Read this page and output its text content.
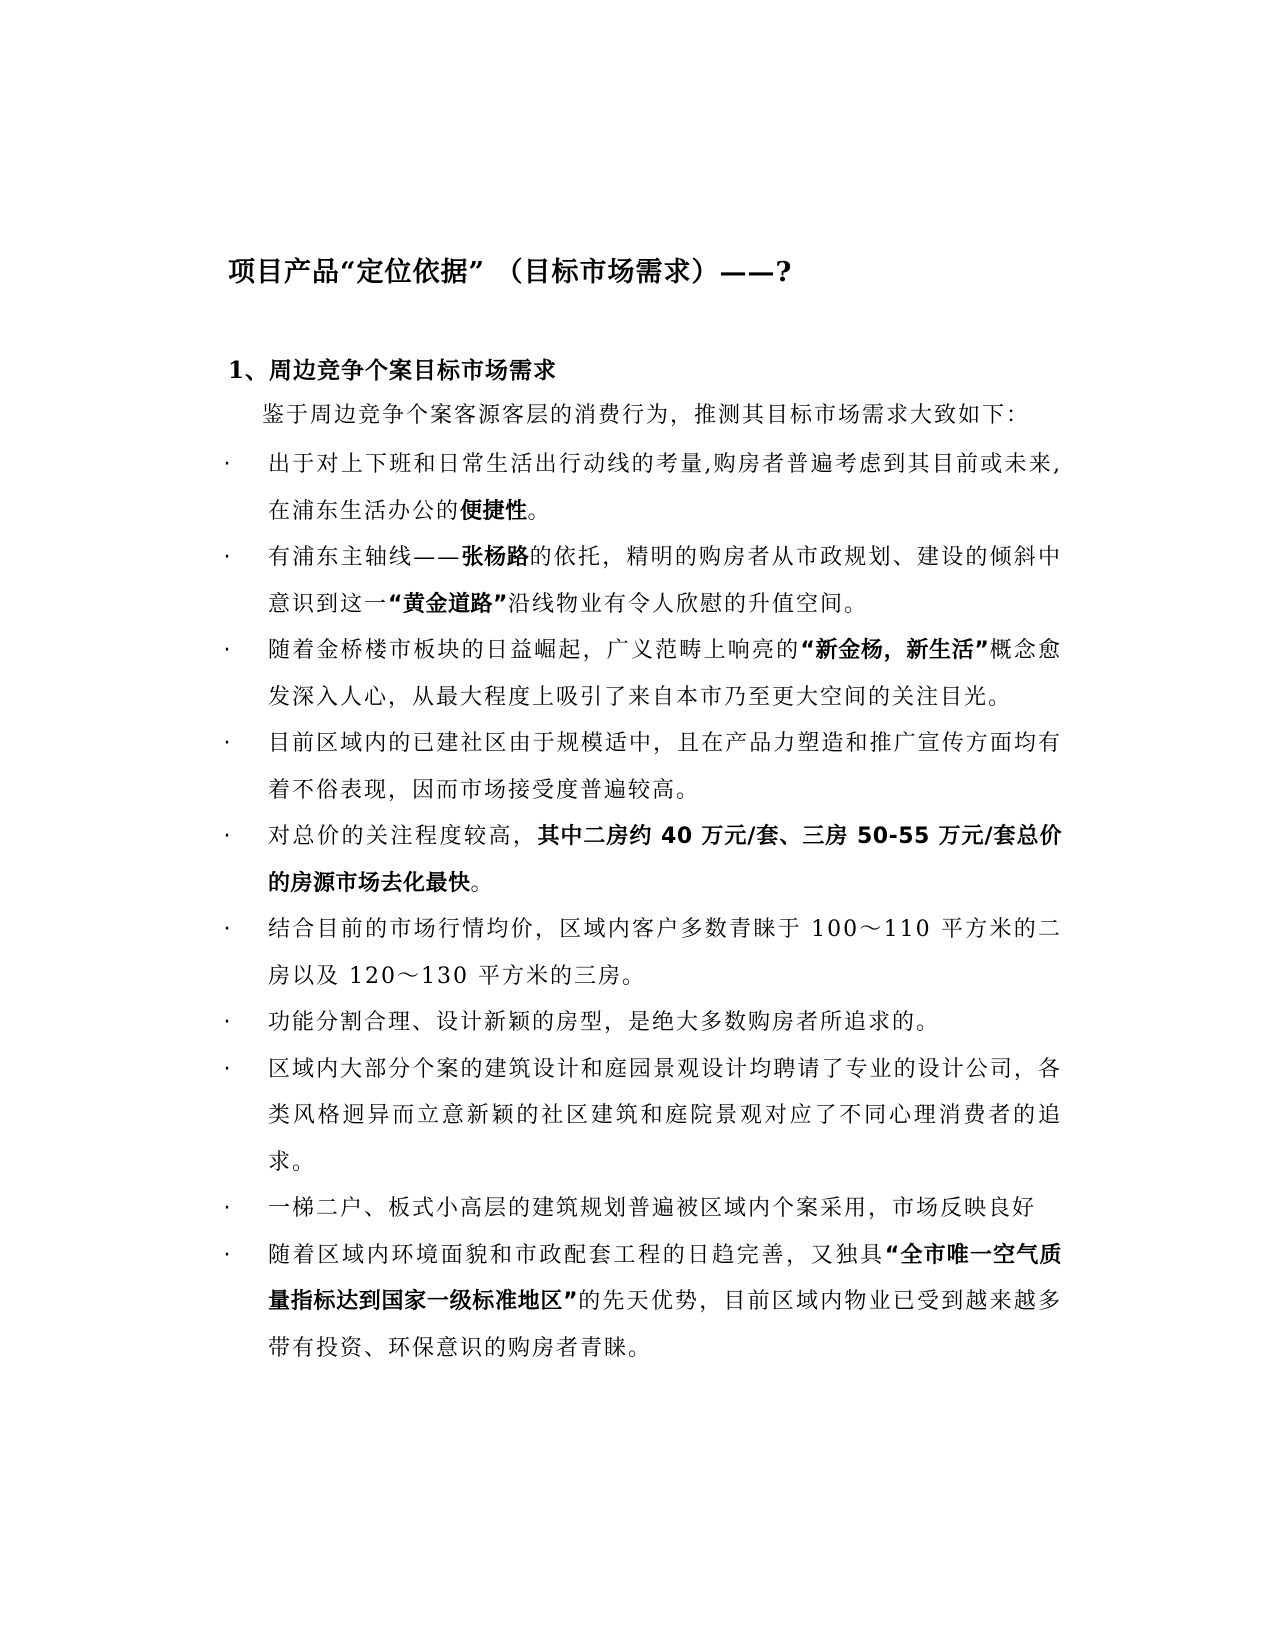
项目产品“定位依据” （目标市场需求）——?
1、周边竞争个案目标市场需求

鉴于周边竞争个案客源客层的消费行为，推测其目标市场需求大致如下：

· 出于对上下班和日常生活出行动线的考量,购房者普遍考虑到其目前或未来,在浦东生活办公的便捷性。
· 有浦东主轴线——张杨路的依托，精明的购房者从市政规划、建设的倾斜中意识到这一“黄金道路”沿线物业有令人欣慰的升值空间。
· 随着金桥楼市板块的日益崛起，广义范畴上响亮的“新金杨，新生活”概念愈发深入人心，从最大程度上吸引了来自本市乃至更大空间的关注目光。
· 目前区域内的已建社区由于规模适中，且在产品力塑造和推广宣传方面均有着不俗表现，因而市场接受度普遍较高。
· 对总价的关注程度较高，其中二房约 40 万元/套、三房 50-55 万元/套总价的房源市场去化最快。
· 结合目前的市场行情均价，区域内客户多数青睐于 100～110 平方米的二房以及 120～130 平方米的三房。
· 功能分割合理、设计新颖的房型，是绝大多数购房者所追求的。
· 区域内大部分个案的建筑设计和庭园景观设计均聘请了专业的设计公司，各类风格迥异而立意新颖的社区建筑和庭院景观对应了不同心理消费者的追求。
· 一梯二户、板式小高层的建筑规划普遍被区域内个案采用，市场反映良好
· 随着区域内环境面貌和市政配套工程的日趋完善，又独具“全市唯一空气质量指标达到国家一级标准地区”的先天优势，目前区域内物业已受到越来越多带有投资、环保意识的购房者青睐。
